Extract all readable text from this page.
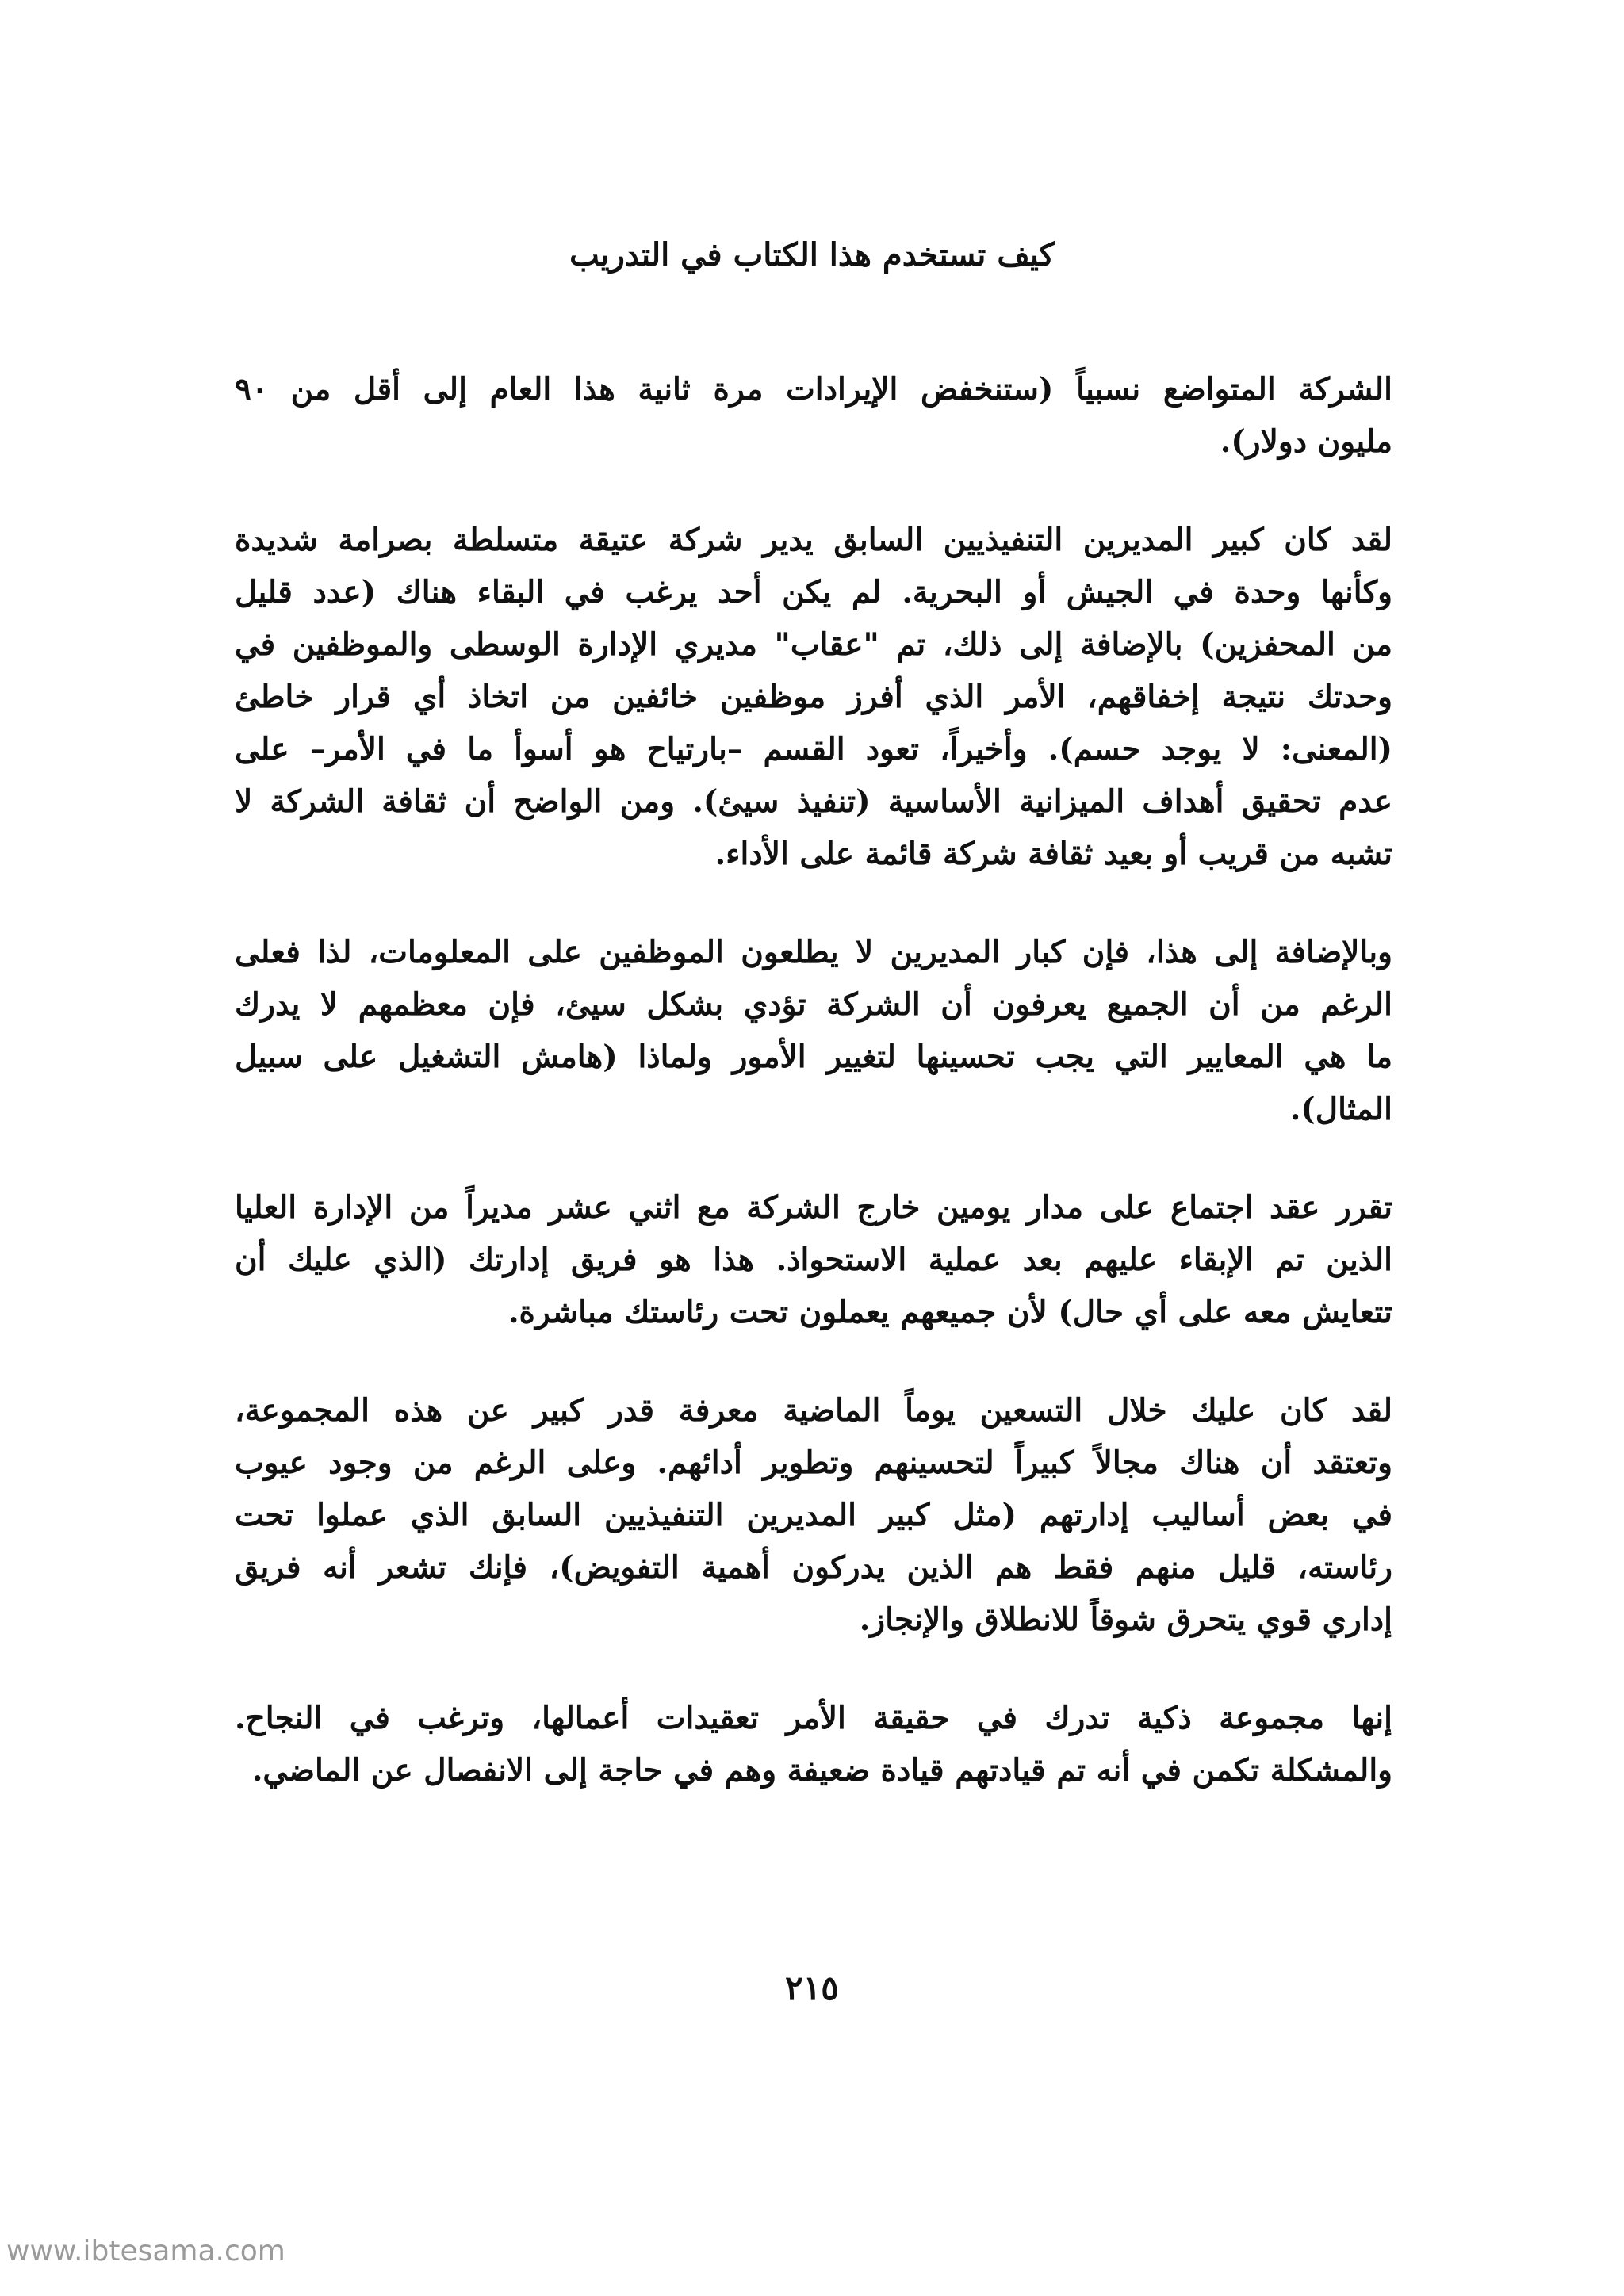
كيف تستخدم هذا الكتاب في التدريب

الشركة المتواضع نسبياً (ستنخفض الإيرادات مرة ثانية هذا العام إلى أقل من ٩٠
مليون دولار).

لقد كان كبير المديرين التنفيذيين السابق يدير شركة عتيقة متسلطة بصرامة شديدة
وكأنها وحدة في الجيش أو البحرية. لم يكن أحد يرغب في البقاء هناك (عدد قليل
من المحفزين) بالإضافة إلى ذلك، تم "عقاب" مديري الإدارة الوسطى والموظفين في
وحدتك نتيجة إخفاقهم، الأمر الذي أفرز موظفين خائفين من اتخاذ أي قرار خاطئ
(المعنى: لا يوجد حسم). وأخيراً، تعود القسم –بارتياح هو أسوأ ما في الأمر– على
عدم تحقيق أهداف الميزانية الأساسية (تنفيذ سيئ). ومن الواضح أن ثقافة الشركة لا
تشبه من قريب أو بعيد ثقافة شركة قائمة على الأداء.

وبالإضافة إلى هذا، فإن كبار المديرين لا يطلعون الموظفين على المعلومات، لذا فعلى
الرغم من أن الجميع يعرفون أن الشركة تؤدي بشكل سيئ، فإن معظمهم لا يدرك
ما هي المعايير التي يجب تحسينها لتغيير الأمور ولماذا (هامش التشغيل على سبيل
المثال).

تقرر عقد اجتماع على مدار يومين خارج الشركة مع اثني عشر مديراً من الإدارة العليا
الذين تم الإبقاء عليهم بعد عملية الاستحواذ. هذا هو فريق إدارتك (الذي عليك أن
تتعايش معه على أي حال) لأن جميعهم يعملون تحت رئاستك مباشرة.

لقد كان عليك خلال التسعين يوماً الماضية معرفة قدر كبير عن هذه المجموعة،
وتعتقد أن هناك مجالاً كبيراً لتحسينهم وتطوير أدائهم. وعلى الرغم من وجود عيوب
في بعض أساليب إدارتهم (مثل كبير المديرين التنفيذيين السابق الذي عملوا تحت
رئاسته، قليل منهم فقط هم الذين يدركون أهمية التفويض)، فإنك تشعر أنه فريق
إداري قوي يتحرق شوقاً للانطلاق والإنجاز.

إنها مجموعة ذكية تدرك في حقيقة الأمر تعقيدات أعمالها، وترغب في النجاح.
والمشكلة تكمن في أنه تم قيادتهم قيادة ضعيفة وهم في حاجة إلى الانفصال عن الماضي.

٢١٥
www.ibtesama.com
